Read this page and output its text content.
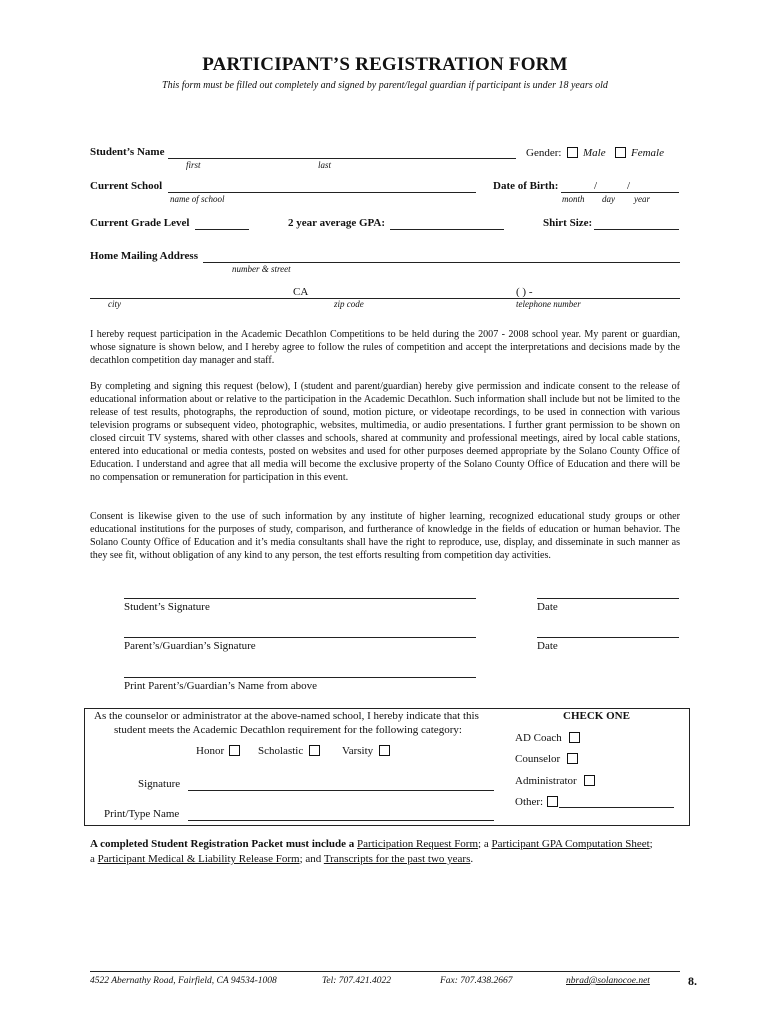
PARTICIPANT’S REGISTRATION FORM
This form must be filled out completely and signed by parent/legal guardian if participant is under 18 years old
Student’s Name
first	last
Gender: Male Female
Current School
name of school
Date of Birth:	/	/
month day year
Current Grade Level	2 year average GPA:	Shirt Size:
Home Mailing Address
number & street
CA	( ) -
city	zip code	telephone number
I hereby request participation in the Academic Decathlon Competitions to be held during the 2007 - 2008 school year. My parent or guardian, whose signature is shown below, and I hereby agree to follow the rules of competition and accept the interpretations and decisions made by the decathlon competition day manager and staff.
By completing and signing this request (below), I (student and parent/guardian) hereby give permission and indicate consent to the release of educational information about or relative to the participation in the Academic Decathlon. Such information shall include but not be limited to the release of test results, photographs, the reproduction of sound, motion picture, or videotape recordings, to be used in connection with various television programs or subsequent video, photographic, websites, multimedia, or audio presentations. I further grant permission to be shown on closed circuit TV systems, shared with other classes and schools, shared at community and professional meetings, aired by local cable stations, entered into educational or media contests, posted on websites and used for other purposes deemed appropriate by the Solano County Office of Education. I understand and agree that all media will become the exclusive property of the Solano County Office of Education and there will be no compensation or remuneration for participation in this event.
Consent is likewise given to the use of such information by any institute of higher learning, recognized educational study groups or other educational institutions for the purposes of study, comparison, and furtherance of knowledge in the fields of education or human behavior. The Solano County Office of Education and it’s media consultants shall have the right to reproduce, use, display, and disseminate in such manner as they see fit, without obligation of any kind to any person, the test efforts resulting from competition day activities.
Student’s Signature	Date
Parent’s/Guardian’s Signature	Date
Print Parent’s/Guardian’s Name from above
As the counselor or administrator at the above-named school, I hereby indicate that this
student meets the Academic Decathlon requirement for the following category:
Honor	Scholastic	Varsity
Signature
Print/Type Name
CHECK ONE
AD Coach
Counselor
Administrator
Other:
A completed Student Registration Packet must include a Participation Request Form; a Participant GPA Computation Sheet;
a Participant Medical & Liability Release Form; and Transcripts for the past two years.
4522 Abernathy Road, Fairfield, CA 94534-1008	Tel: 707.421.4022	Fax: 707.438.2667	nbrad@solanocoe.net	8.
